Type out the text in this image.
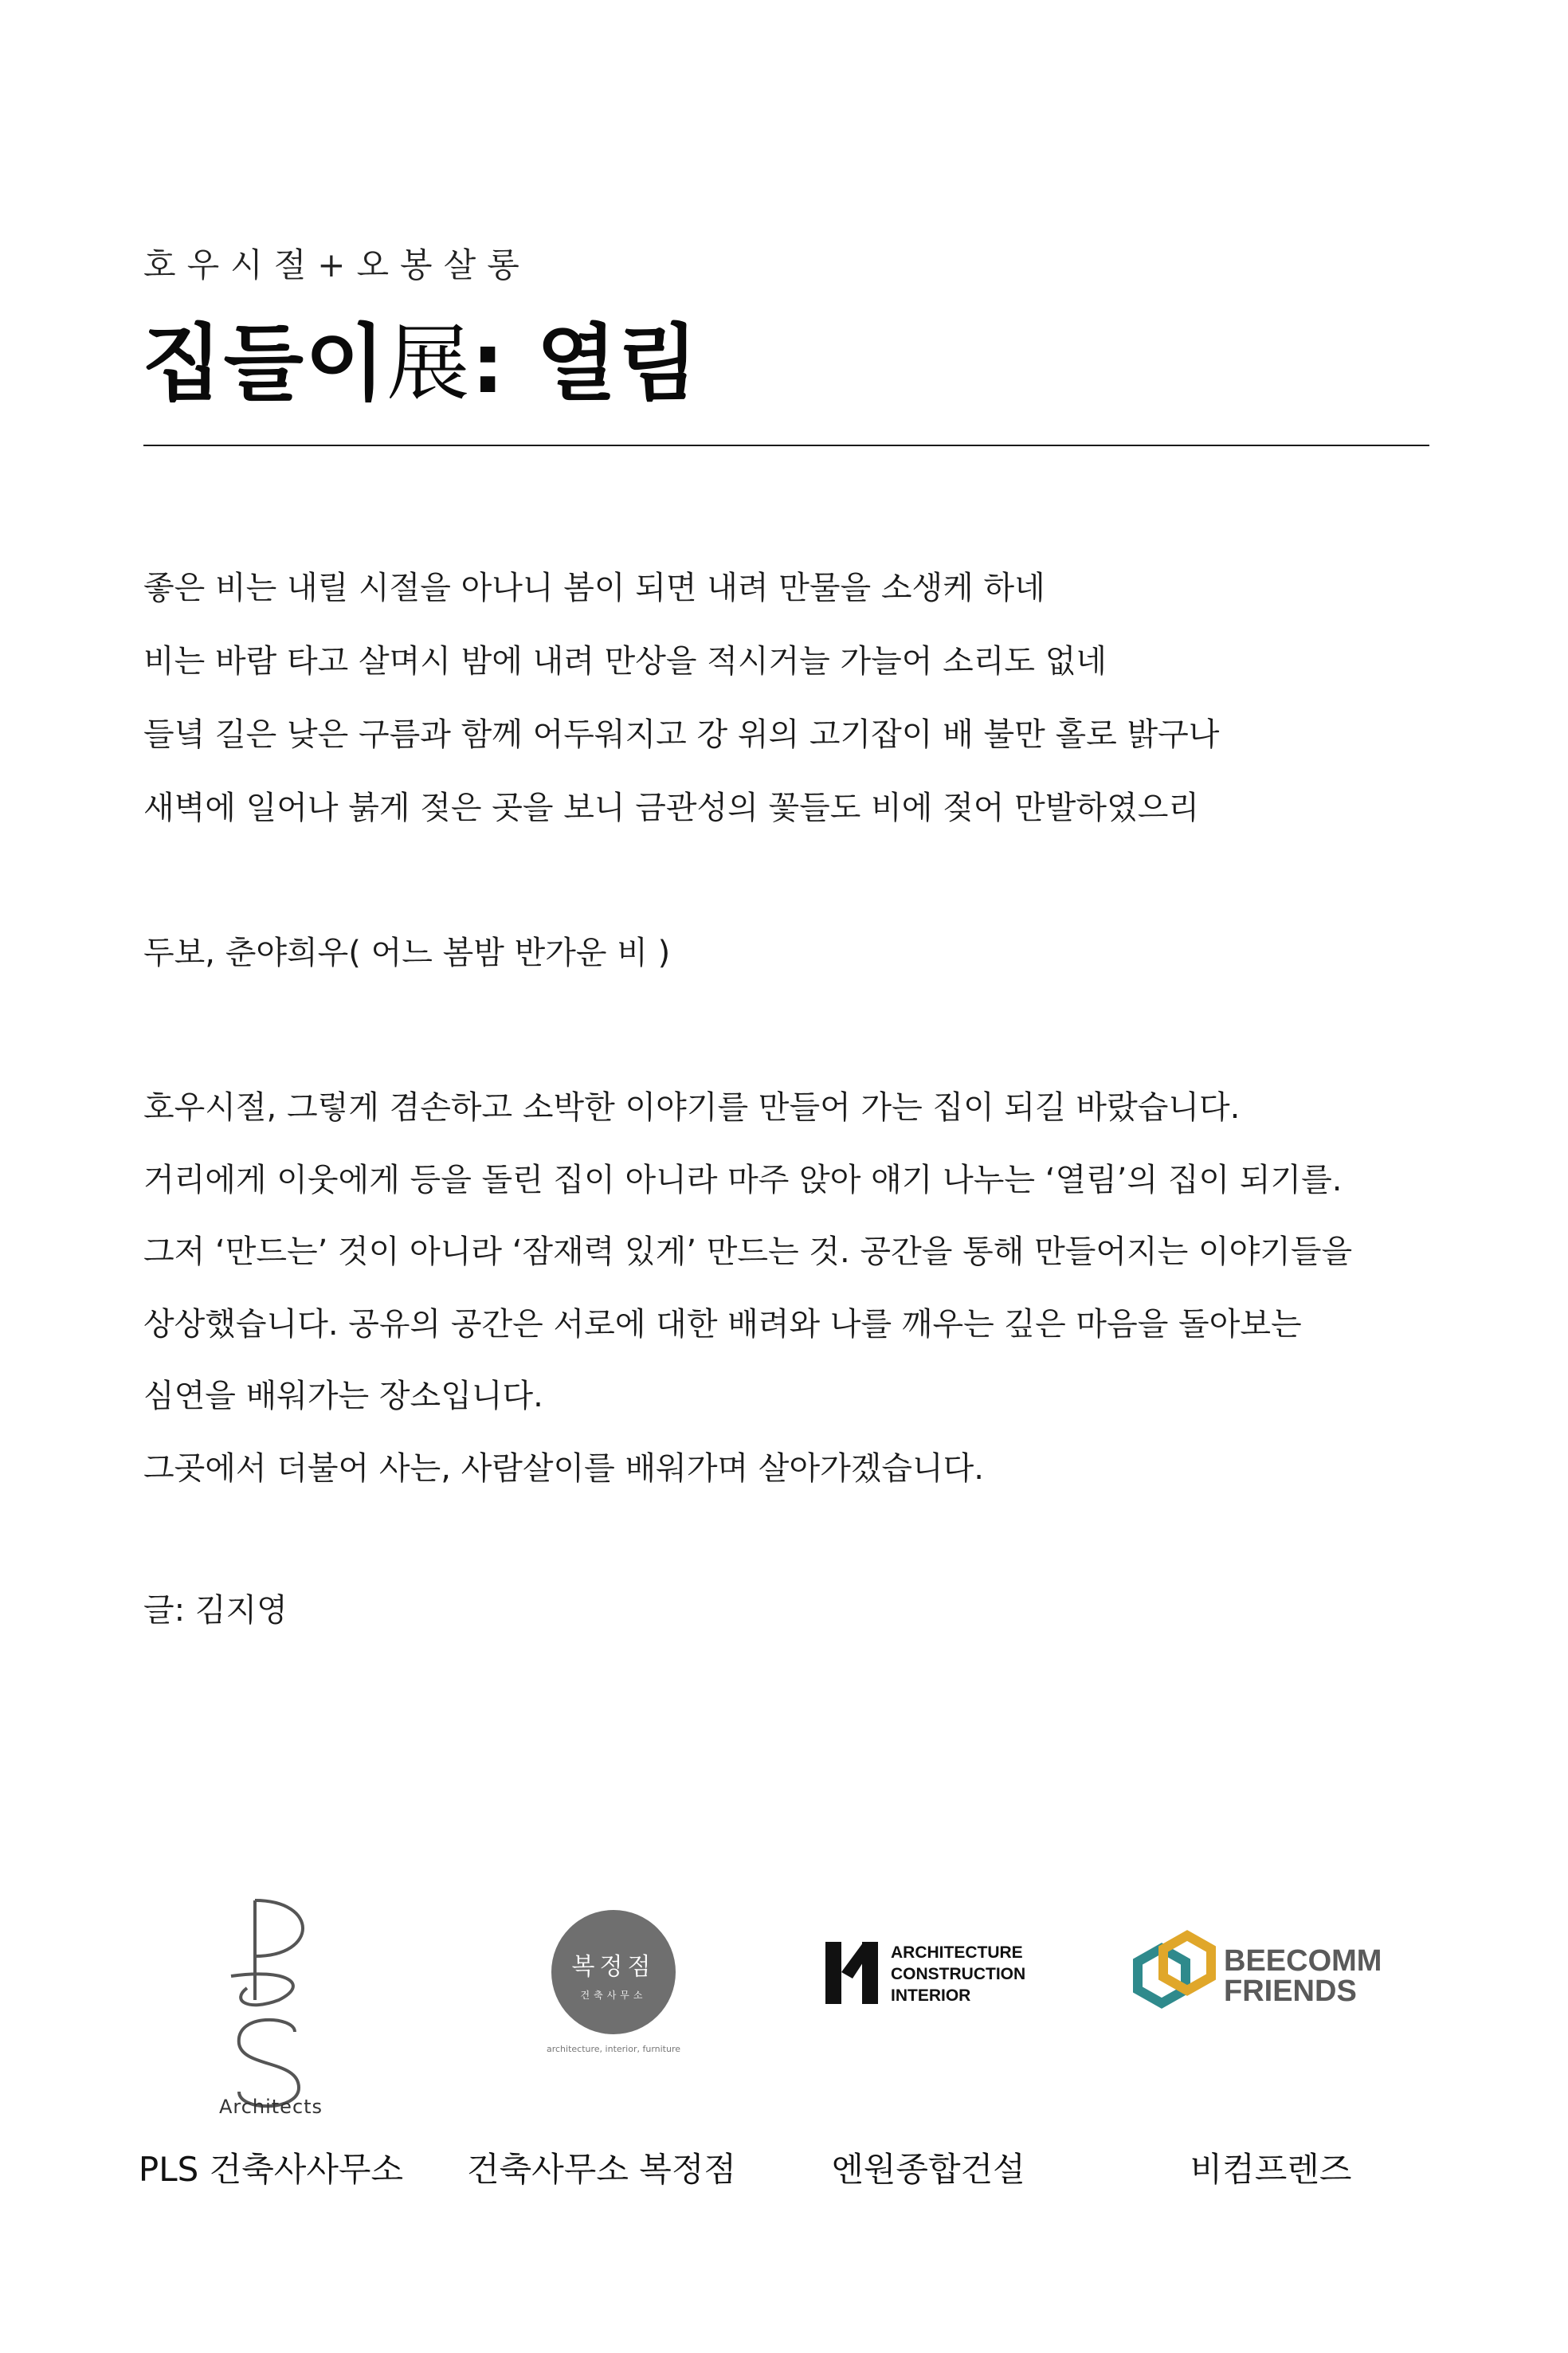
호우시절+오봉살롱
집들이展: 열림
좋은 비는 내릴 시절을 아나니 봄이 되면 내려 만물을 소생케 하네
비는 바람 타고 살며시 밤에 내려 만상을 적시거늘 가늘어 소리도 없네
들녘 길은 낮은 구름과 함께 어두워지고 강 위의 고기잡이 배 불만 홀로 밝구나
새벽에 일어나 붉게 젖은 곳을 보니 금관성의 꽃들도 비에 젖어 만발하였으리
두보, 춘야희우( 어느 봄밤 반가운 비 )
호우시절, 그렇게 겸손하고 소박한 이야기를 만들어 가는 집이 되길 바랐습니다.
거리에게 이웃에게 등을 돌린 집이 아니라 마주 앉아 얘기 나누는 ‘열림’의 집이 되기를.
그저 ‘만드는’ 것이 아니라 ‘잠재력 있게’ 만드는 것. 공간을 통해 만들어지는 이야기들을
상상했습니다. 공유의 공간은 서로에 대한 배려와 나를 깨우는 깊은 마음을 돌아보는
심연을 배워가는 장소입니다.
그곳에서 더불어 사는, 사람살이를 배워가며 살아가겠습니다.
글: 김지영
Architects
복정점
건축사무소
architecture, interior, furniture
ARCHITECTURE
CONSTRUCTION
INTERIOR
BEECOMM
FRIENDS
PLS 건축사사무소	건축사무소 복정점	엔원종합건설	비컴프렌즈
